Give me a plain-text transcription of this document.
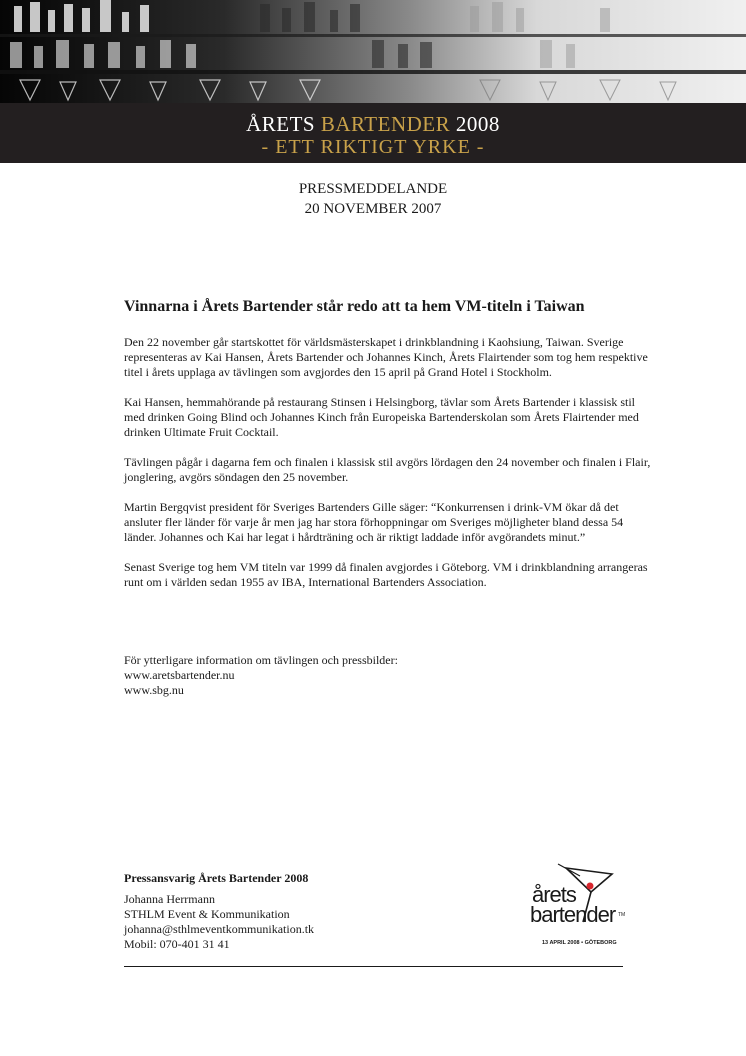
ÅRETS BARTENDER 2008
- ETT RIKTIGT YRKE -
PRESSMEDDELANDE
20 NOVEMBER 2007
Vinnarna i Årets Bartender står redo att ta hem VM-titeln i Taiwan

Den 22 november går startskottet för världsmästerskapet i drinkblandning i Kaohsiung, Taiwan. Sverige representeras av Kai Hansen, Årets Bartender och Johannes Kinch, Årets Flairtender som tog hem respektive titel i årets upplaga av tävlingen som avgjordes den 15 april på Grand Hotel i Stockholm.

Kai Hansen, hemmahörande på restaurang Stinsen i Helsingborg, tävlar som Årets Bartender i klassisk stil med drinken Going Blind och Johannes Kinch från Europeiska Bartenderskolan som Årets Flairtender med drinken Ultimate Fruit Cocktail.

Tävlingen pågår i dagarna fem och finalen i klassisk stil avgörs lördagen den 24 november och finalen i Flair, jonglering, avgörs söndagen den 25 november.

Martin Bergqvist president för Sveriges Bartenders Gille säger: “Konkurrensen i drink-VM ökar då det ansluter fler länder för varje år men jag har stora förhoppningar om Sveriges möjligheter bland dessa 54 länder. Johannes och Kai har legat i hårdträning och är riktigt laddade inför avgörandets minut.”

Senast Sverige tog hem VM titeln var 1999 då finalen avgjordes i Göteborg. VM i drinkblandning arrangeras runt om i världen sedan 1955 av IBA, International Bartenders Association.

För ytterligare information om tävlingen och pressbilder:
www.aretsbartender.nu
www.sbg.nu
Pressansvarig Årets Bartender 2008
Johanna Herrmann
STHLM Event & Kommunikation
johanna@sthlmeventkommunikation.tk
Mobil: 070-401 31 41
årets
bartender TM
13 APRIL 2008 • GÖTEBORG
